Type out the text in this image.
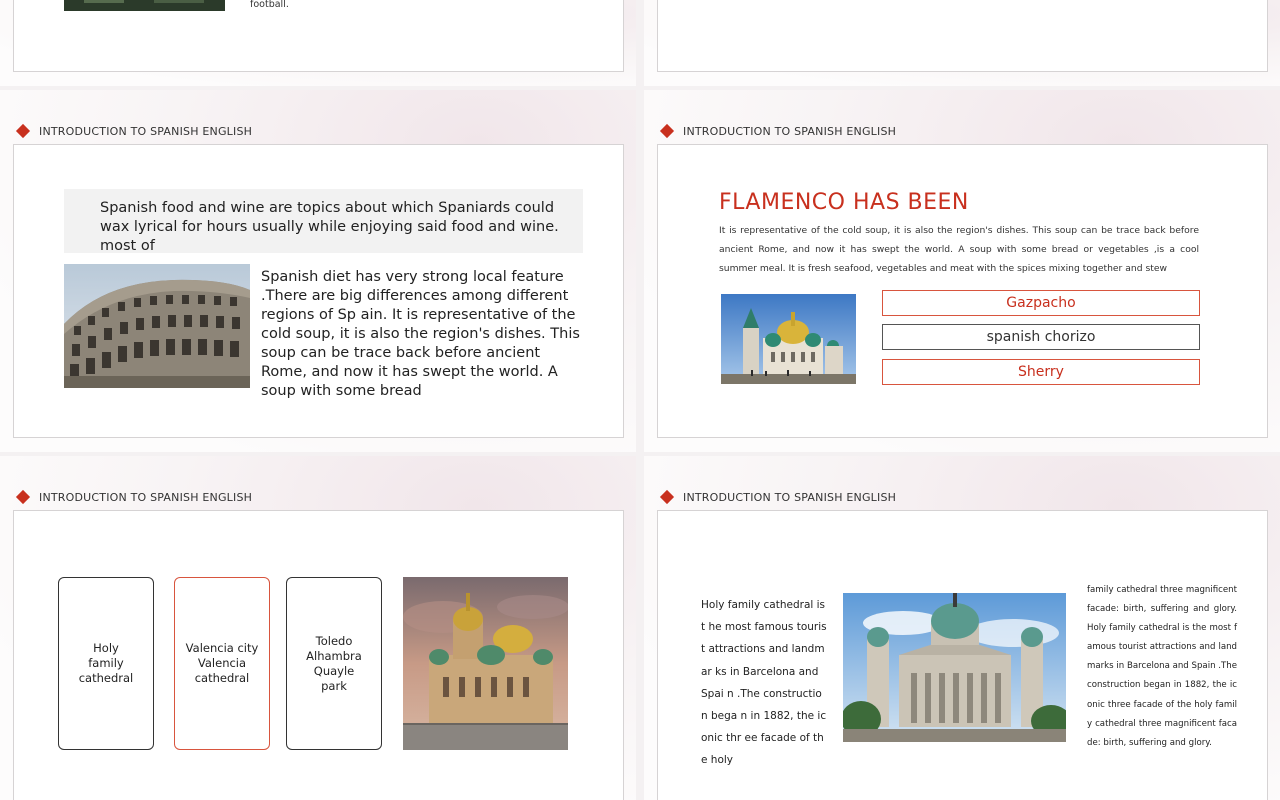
football.
INTRODUCTION TO SPANISH ENGLISH
Spanish food and wine are topics about which Spaniards could wax lyrical for hours usually while enjoying said food and wine. most of
Spanish diet has very strong local feature .There are big differences among different regions of Sp ain. It is representative of the cold soup, it is also the region's dishes. This soup can be trace back before ancient Rome, and now it has swept the world. A soup with some bread
INTRODUCTION TO SPANISH ENGLISH
FLAMENCO HAS BEEN
It is representative of the cold soup, it is also the region's dishes. This soup can be trace back before ancient Rome, and now it has swept the world. A soup with some bread or vegetables ,is a cool summer meal. It is fresh seafood, vegetables and meat with the spices mixing together and stew
Gazpacho
spanish chorizo
Sherry
INTRODUCTION TO SPANISH ENGLISH
Holy
family
cathedral
Valencia city
Valencia
cathedral
Toledo
Alhambra
Quayle
park
INTRODUCTION TO SPANISH ENGLISH
Holy family cathedral is t he most famous tourist attractions and landmar ks in Barcelona and Spai n .The construction bega n in 1882, the iconic thr ee facade of the holy
family cathedral three magnificent facade: birth, suffering and glory. Holy family cathedral is the most f amous tourist attractions and land marks in Barcelona and Spain .The construction began in 1882, the ic onic three facade of the holy famil y cathedral three magnificent faca de: birth, suffering and glory.
